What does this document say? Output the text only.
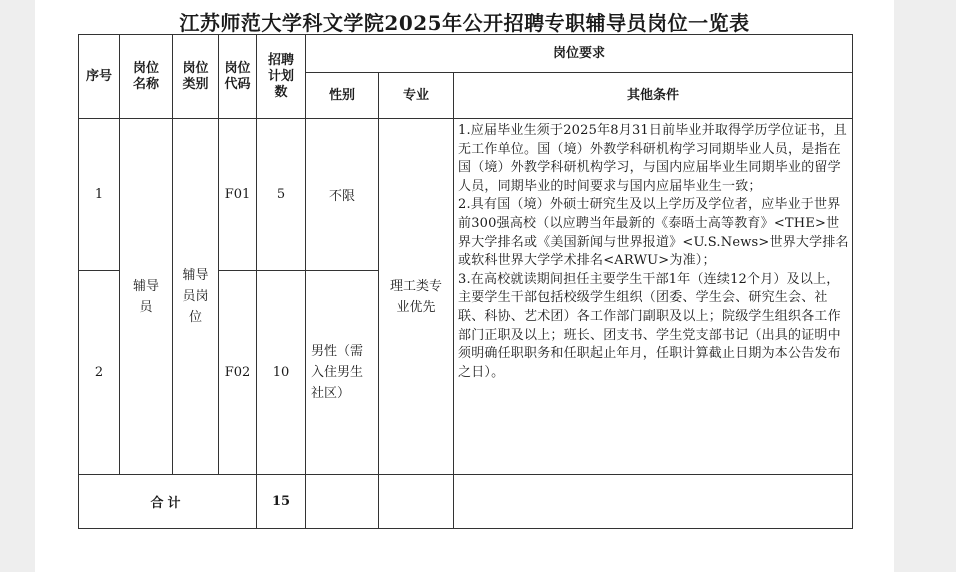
江苏师范大学科文学院2025年公开招聘专职辅导员岗位一览表
序号	岗位名称	岗位类别	岗位代码	招聘计划数	岗位要求		
					性别	专业	其他条件
1	辅导员	辅导员岗位	F01	5	不限	理工类专业优先	1.应届毕业生须于2025年8月31日前毕业并取得学历学位证书，且无工作单位。国（境）外教学科研机构学习同期毕业人员，是指在国（境）外教学科研机构学习，与国内应届毕业生同期毕业的留学人员，同期毕业的时间要求与国内应届毕业生一致；

2.具有国（境）外硕士研究生及以上学历及学位者，应毕业于世界前300强高校（以应聘当年最新的《泰晤士高等教育》<THE>世界大学排名或《美国新闻与世界报道》<U.S.News>世界大学排名或软科世界大学学术排名<ARWU>为准）；

3.在高校就读期间担任主要学生干部1年（连续12个月）及以上，主要学生干部包括校级学生组织（团委、学生会、研究生会、社联、科协、艺术团）各工作部门副职及以上；院级学生组织各工作部门正职及以上；班长、团支书、学生党支部书记（出具的证明中须明确任职职务和任职起止年月，任职计算截止日期为本公告发布之日）。

2			F02	10	男性（需入住男生社区）		
合计				15			
